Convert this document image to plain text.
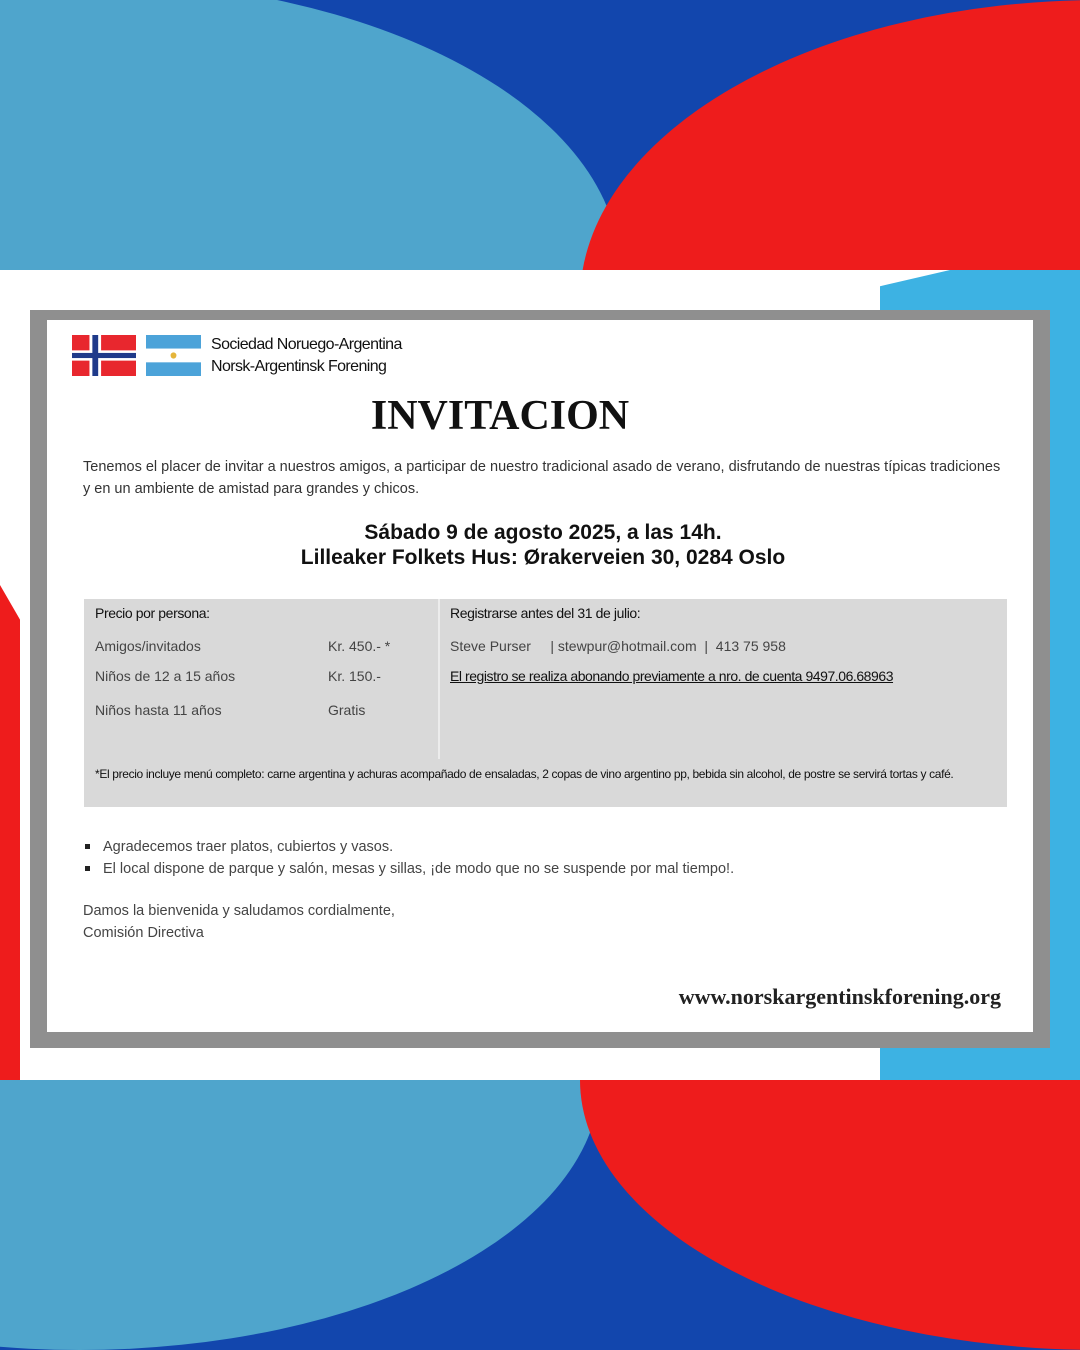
Sociedad Noruego-Argentina
Norsk-Argentinsk Forening
INVITACION
Tenemos el placer de invitar a nuestros amigos, a participar de nuestro tradicional asado de verano, disfrutando de nuestras típicas tradiciones y en un ambiente de amistad para grandes y chicos.
Sábado 9 de agosto 2025, a las 14h.
Lilleaker Folkets Hus: Ørakerveien 30, 0284 Oslo
Precio por persona:
Amigos/invitados	Kr. 450.- *
Niños de 12 a 15 años	Kr. 150.-
Niños hasta 11 años	Gratis
Registrarse antes del 31 de julio:
Steve Purser     | stewpur@hotmail.com  |  413 75 958
El registro se realiza abonando previamente a nro. de cuenta 9497.06.68963
*El precio incluye menú completo: carne argentina y achuras acompañado de ensaladas, 2 copas de vino argentino pp, bebida sin alcohol, de postre se servirá tortas y café.
Agradecemos traer platos, cubiertos y vasos.
El local dispone de parque y salón, mesas y sillas, ¡de modo que no se suspende por mal tiempo!.
Damos la bienvenida y saludamos cordialmente,
Comisión Directiva
www.norskargentinskforening.org
